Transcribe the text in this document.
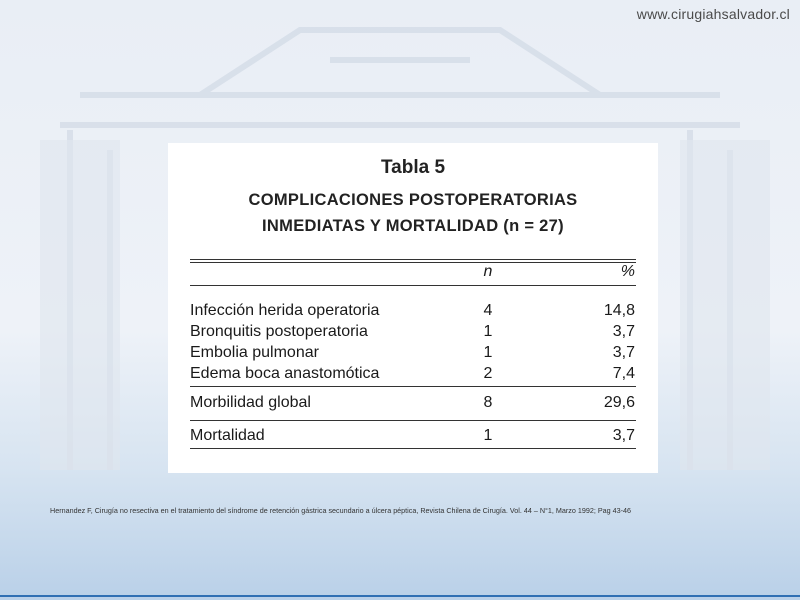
www.cirugiahsalvador.cl
Tabla 5
COMPLICACIONES POSTOPERATORIAS
INMEDIATAS Y MORTALIDAD (n = 27)
n	%
Infección herida operatoria	4	14,8
Bronquitis postoperatoria	1	3,7
Embolia pulmonar	1	3,7
Edema boca anastomótica	2	7,4
Morbilidad global	8	29,6
Mortalidad	1	3,7
Hernandez F, Cirugía no resectiva en el tratamiento del síndrome de retención gástrica secundario a úlcera péptica, Revista Chilena de Cirugía. Vol. 44 – N°1, Marzo 1992; Pag 43-46
